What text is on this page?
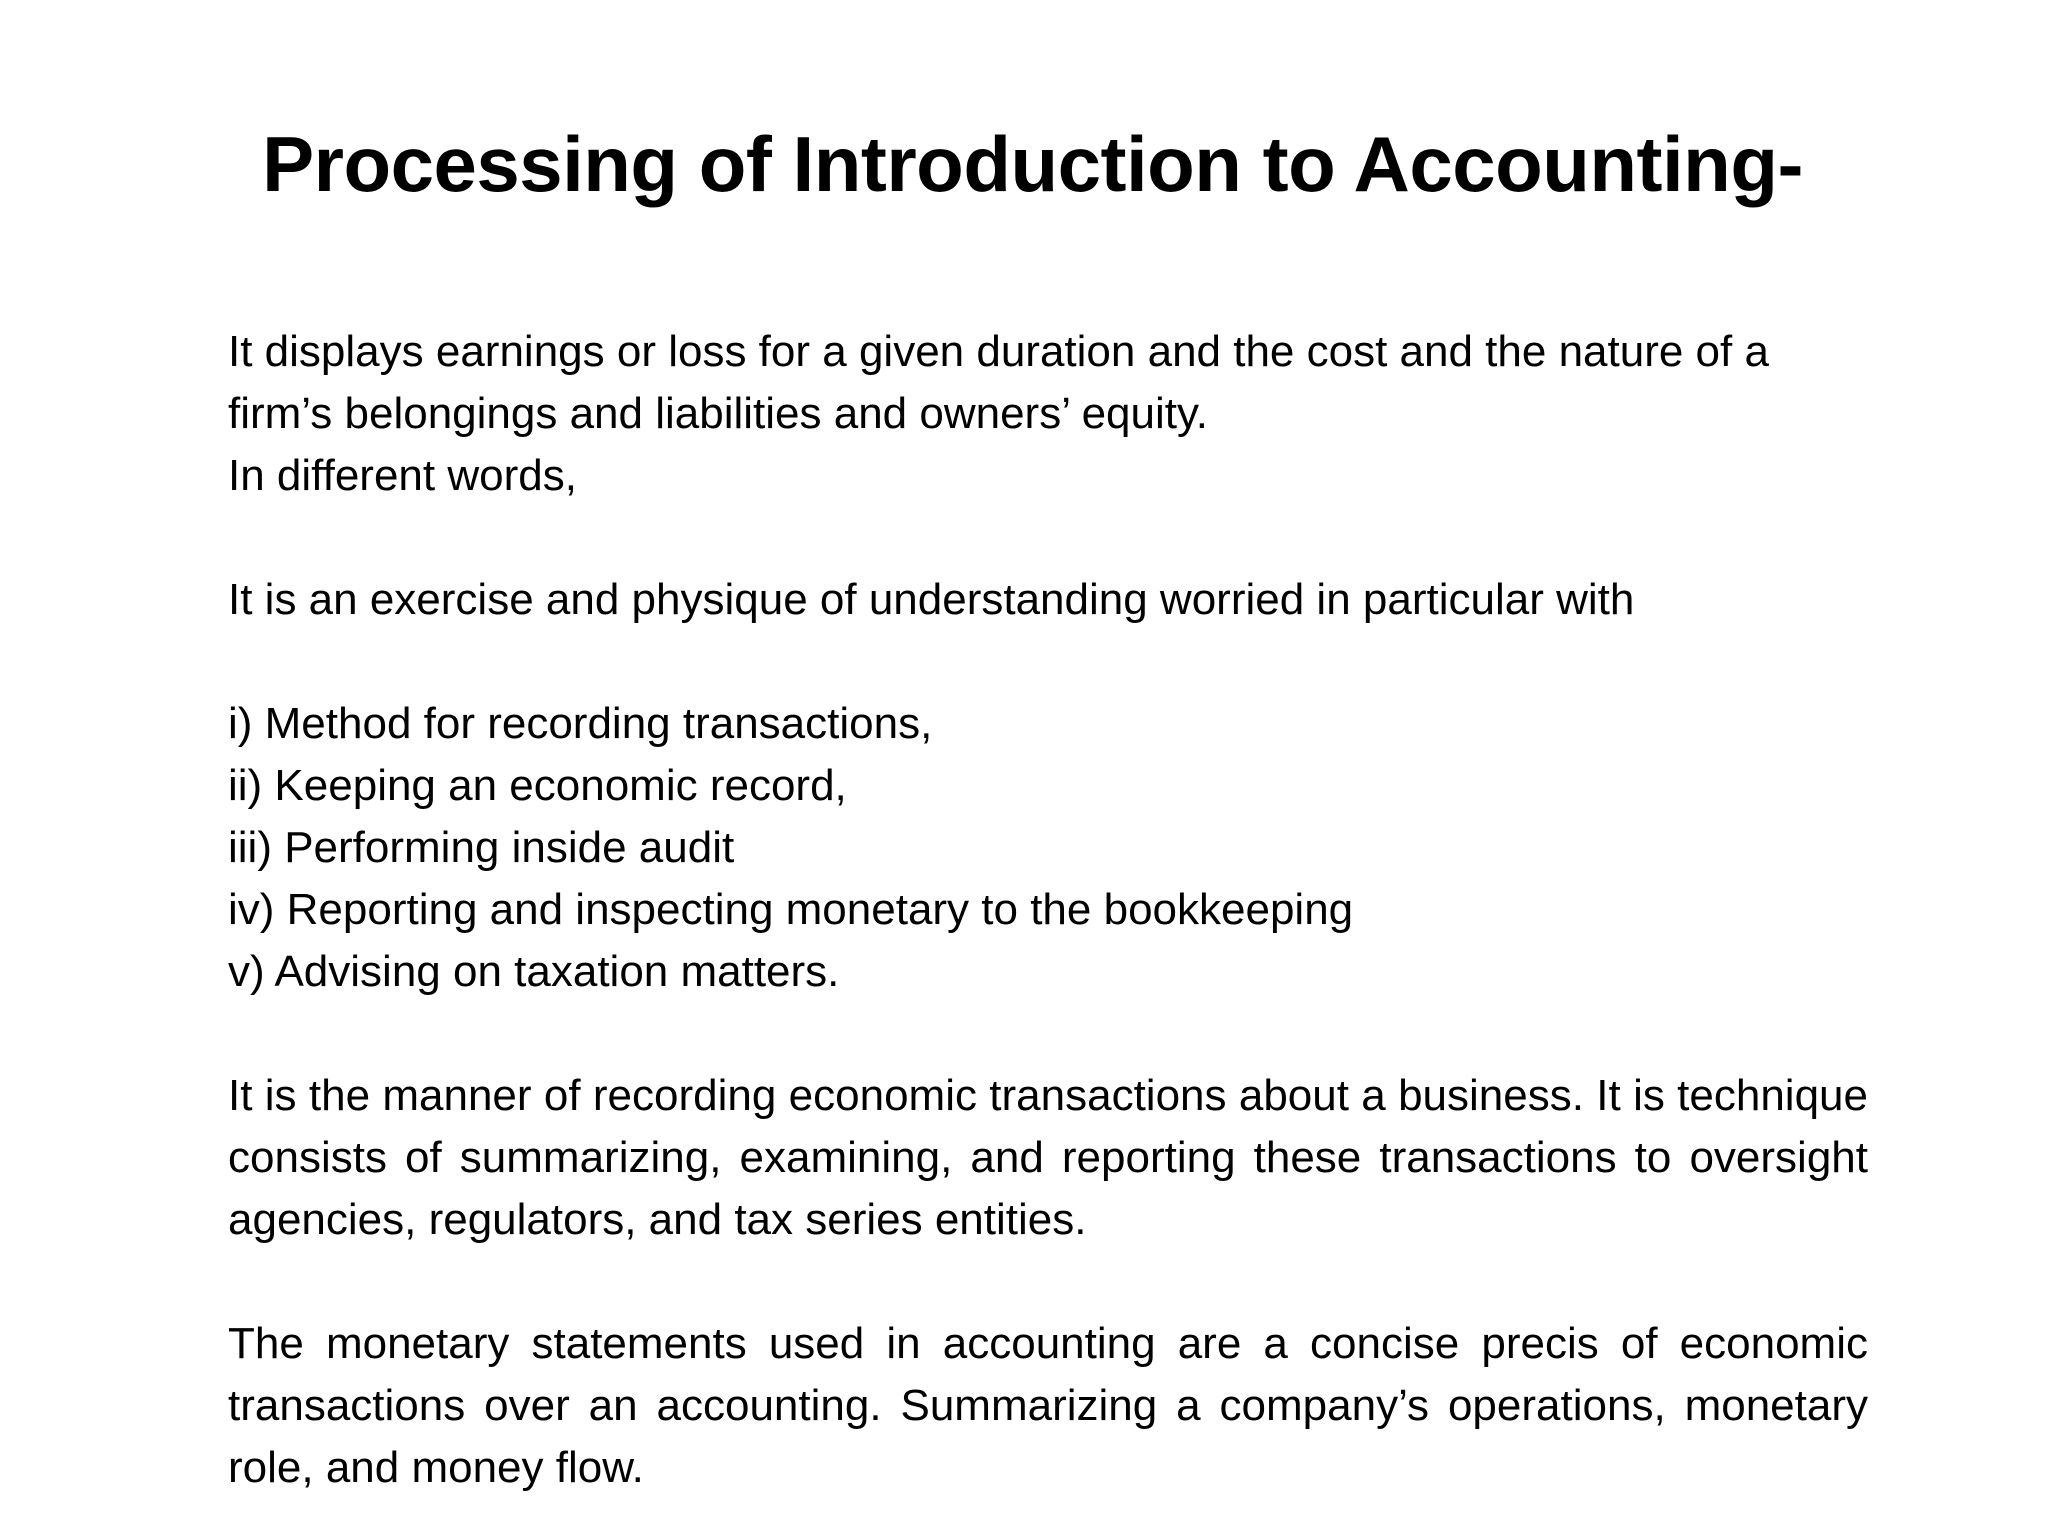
Processing of Introduction to Accounting-

It displays earnings or loss for a given duration and the cost and the nature of a firm’s belongings and liabilities and owners’ equity.

In different words,

It is an exercise and physique of understanding worried in particular with

i) Method for recording transactions,
ii) Keeping an economic record,
iii) Performing inside audit
iv) Reporting and inspecting monetary to the bookkeeping
v) Advising on taxation matters.

It is the manner of recording economic transactions about a business. It is technique consists of summarizing, examining, and reporting these transactions to oversight agencies, regulators, and tax series entities.

The monetary statements used in accounting are a concise precis of economic transactions over an accounting. Summarizing a company’s operations, monetary role, and money flow.
